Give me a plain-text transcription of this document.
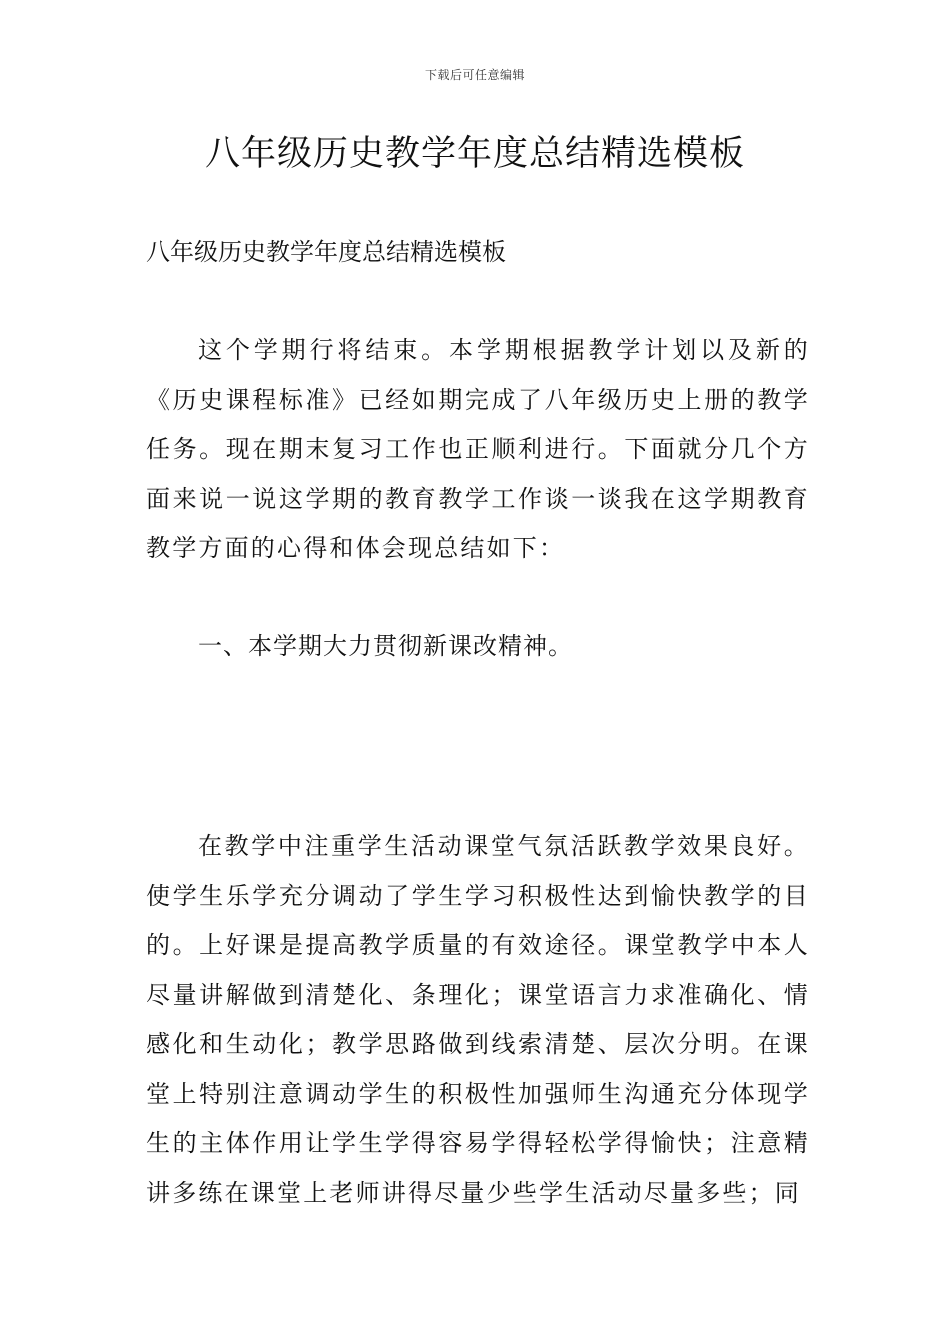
下载后可任意编辑
八年级历史教学年度总结精选模板

八年级历史教学年度总结精选模板

这个学期行将结束。本学期根据教学计划以及新的《历史课程标准》已经如期完成了八年级历史上册的教学任务。现在期末复习工作也正顺利进行。下面就分几个方面来说一说这学期的教育教学工作谈一谈我在这学期教育教学方面的心得和体会现总结如下：

一、本学期大力贯彻新课改精神。

在教学中注重学生活动课堂气氛活跃教学效果良好。使学生乐学充分调动了学生学习积极性达到愉快教学的目的。上好课是提高教学质量的有效途径。课堂教学中本人尽量讲解做到清楚化、条理化；课堂语言力求准确化、情感化和生动化；教学思路做到线索清楚、层次分明。在课堂上特别注意调动学生的积极性加强师生沟通充分体现学生的主体作用让学生学得容易学得轻松学得愉快；注意精讲多练在课堂上老师讲得尽量少些学生活动尽量多些；同
